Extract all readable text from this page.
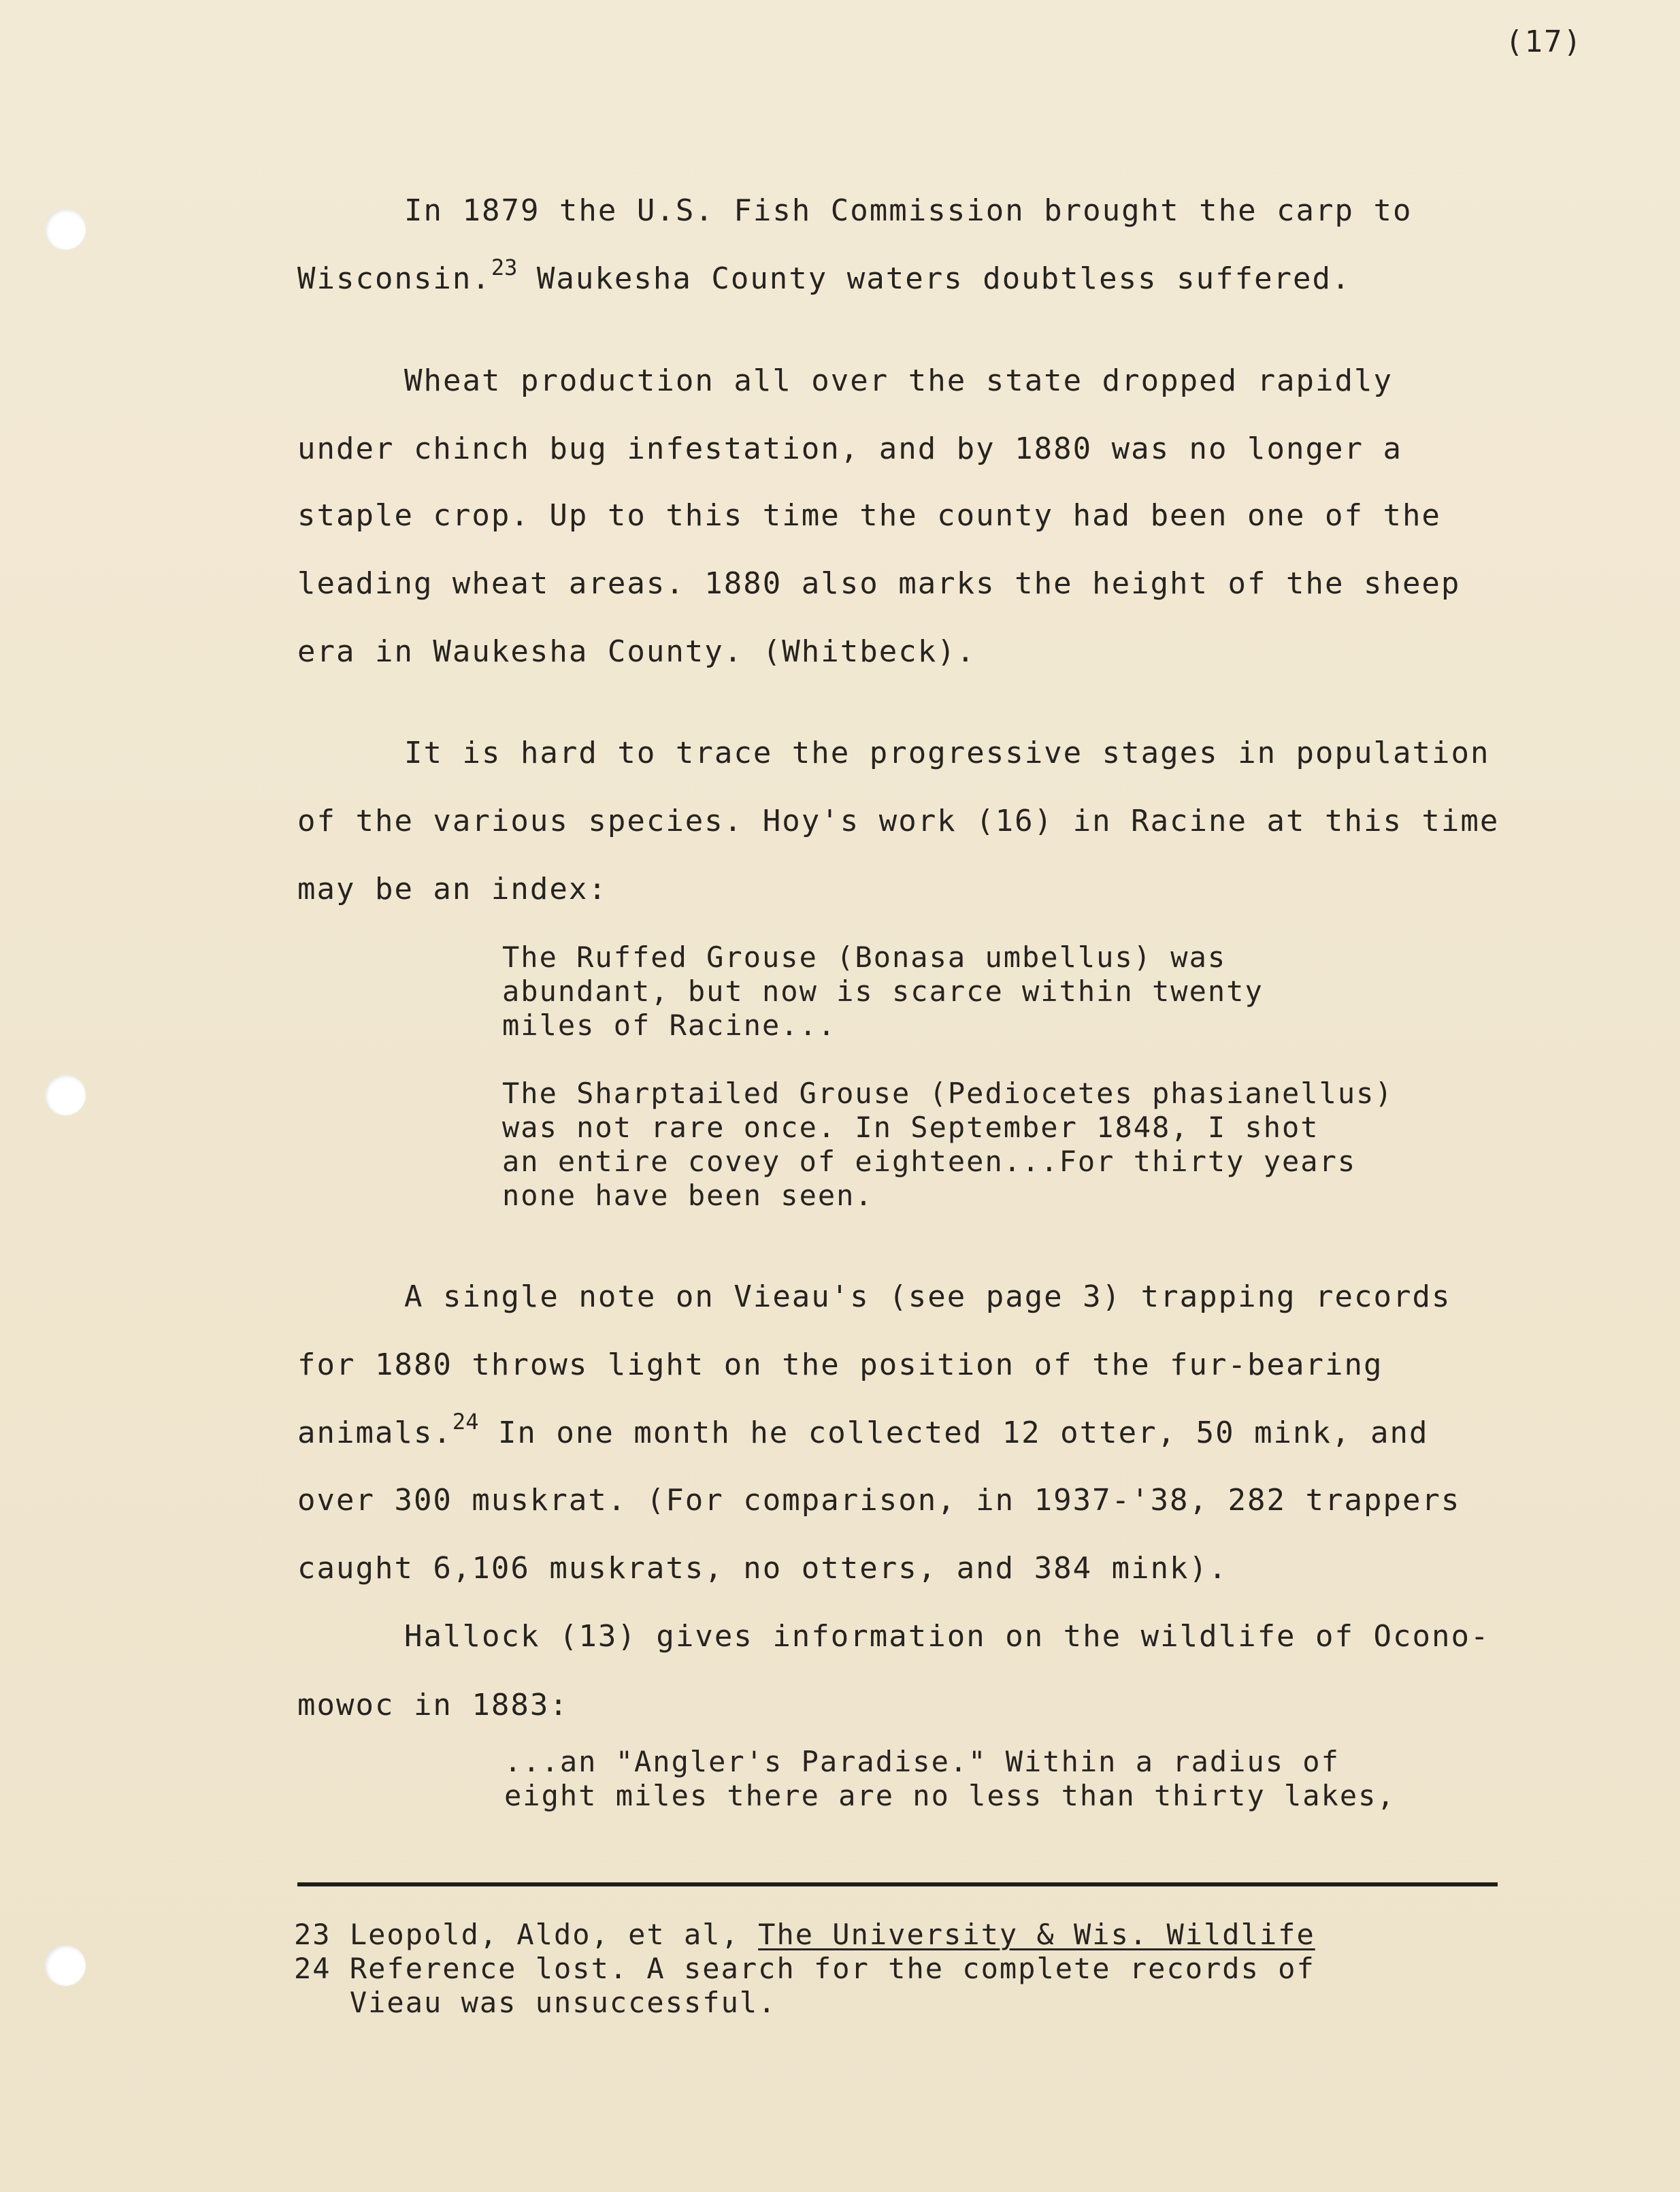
(17)
In 1879 the U.S. Fish Commission brought the carp to
Wisconsin.$^{23}$ Waukesha County waters doubtless suffered.
Wheat production all over the state dropped rapidly
under chinch bug infestation, and by 1880 was no longer a
staple crop. Up to this time the county had been one of the
leading wheat areas. 1880 also marks the height of the sheep
era in Waukesha County. (Whitbeck).
It is hard to trace the progressive stages in population
of the various species. Hoy's work (16) in Racine at this time
may be an index:
The Ruffed Grouse (Bonasa umbellus) was
abundant, but now is scarce within twenty
miles of Racine...
The Sharptailed Grouse (Pediocetes phasianellus)
was not rare once. In September 1848, I shot
an entire covey of eighteen...For thirty years
none have been seen.
A single note on Vieau's (see page 3) trapping records
for 1880 throws light on the position of the fur-bearing
animals.$^{24}$ In one month he collected 12 otter, 50 mink, and
over 300 muskrat. (For comparison, in 1937-'38, 282 trappers
caught 6,106 muskrats, no otters, and 384 mink).
Hallock (13) gives information on the wildlife of Ocono-
mowoc in 1883:
...an "Angler's Paradise." Within a radius of
eight miles there are no less than thirty lakes,
23 Leopold, Aldo, et al, The University & Wis. Wildlife
24 Reference lost. A search for the complete records of
Vieau was unsuccessful.
